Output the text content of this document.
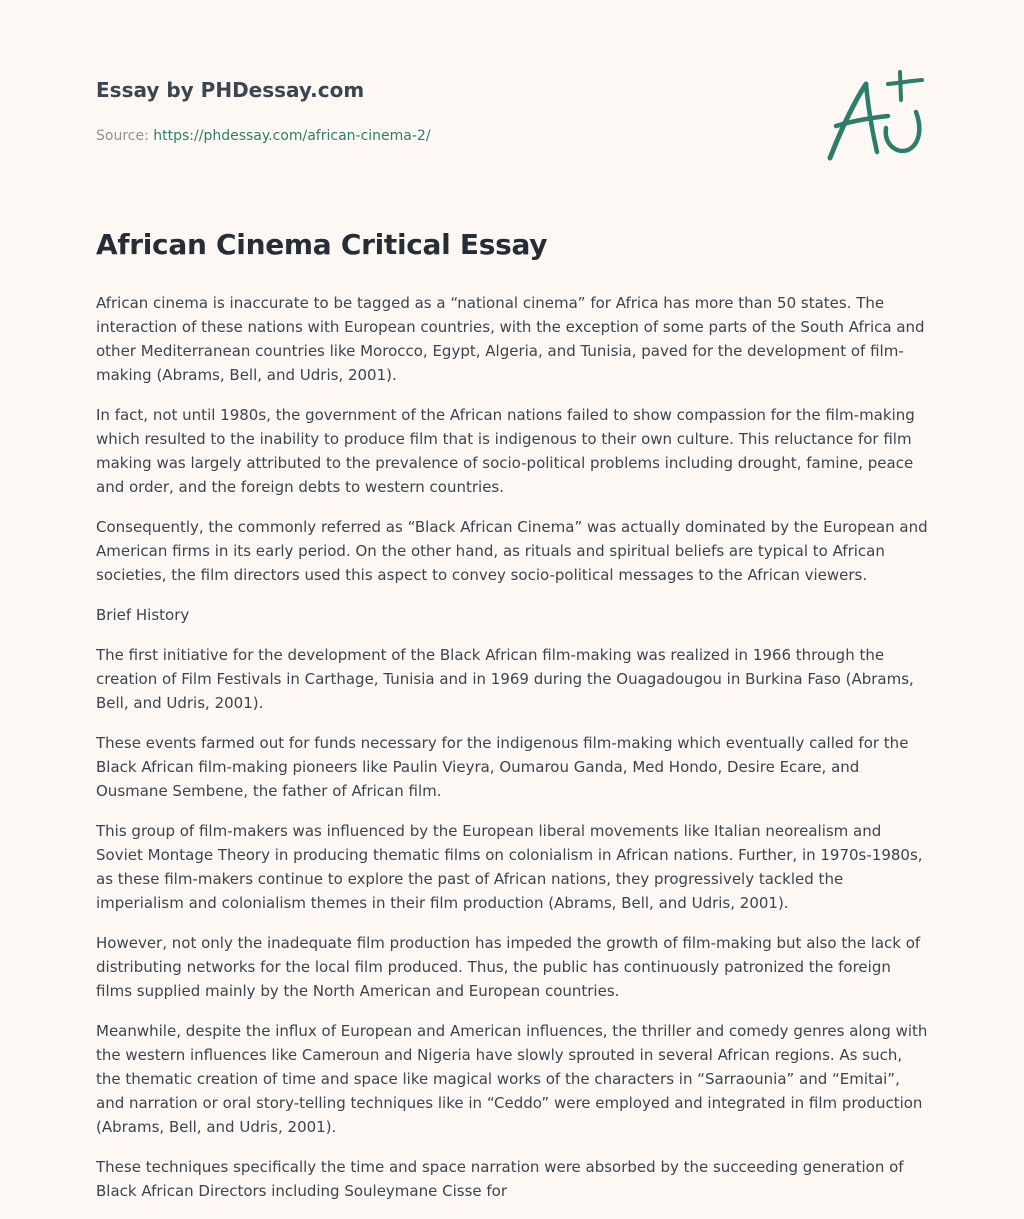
Essay by PHDessay.com
Source: https://phdessay.com/african-cinema-2/
African Cinema Critical Essay

African cinema is inaccurate to be tagged as a “national cinema” for Africa has more than 50 states. The interaction of these nations with European countries, with the exception of some parts of the South Africa and other Mediterranean countries like Morocco, Egypt, Algeria, and Tunisia, paved for the development of film-making (Abrams, Bell, and Udris, 2001).

In fact, not until 1980s, the government of the African nations failed to show compassion for the film-making which resulted to the inability to produce film that is indigenous to their own culture. This reluctance for film making was largely attributed to the prevalence of socio-political problems including drought, famine, peace and order, and the foreign debts to western countries.

Consequently, the commonly referred as “Black African Cinema” was actually dominated by the European and American firms in its early period. On the other hand, as rituals and spiritual beliefs are typical to African societies, the film directors used this aspect to convey socio-political messages to the African viewers.

Brief History

The first initiative for the development of the Black African film-making was realized in 1966 through the creation of Film Festivals in Carthage, Tunisia and in 1969 during the Ouagadougou in Burkina Faso (Abrams, Bell, and Udris, 2001).

These events farmed out for funds necessary for the indigenous film-making which eventually called for the Black African film-making pioneers like Paulin Vieyra, Oumarou Ganda, Med Hondo, Desire Ecare, and Ousmane Sembene, the father of African film.

This group of film-makers was influenced by the European liberal movements like Italian neorealism and Soviet Montage Theory in producing thematic films on colonialism in African nations. Further, in 1970s-1980s, as these film-makers continue to explore the past of African nations, they progressively tackled the imperialism and colonialism themes in their film production (Abrams, Bell, and Udris, 2001).

However, not only the inadequate film production has impeded the growth of film-making but also the lack of distributing networks for the local film produced. Thus, the public has continuously patronized the foreign films supplied mainly by the North American and European countries.

Meanwhile, despite the influx of European and American influences, the thriller and comedy genres along with the western influences like Cameroun and Nigeria have slowly sprouted in several African regions. As such, the thematic creation of time and space like magical works of the characters in “Sarraounia” and “Emitai”, and narration or oral story-telling techniques like in “Ceddo” were employed and integrated in film production (Abrams, Bell, and Udris, 2001).

These techniques specifically the time and space narration were absorbed by the succeeding generation of Black African Directors including Souleymane Cisse for
